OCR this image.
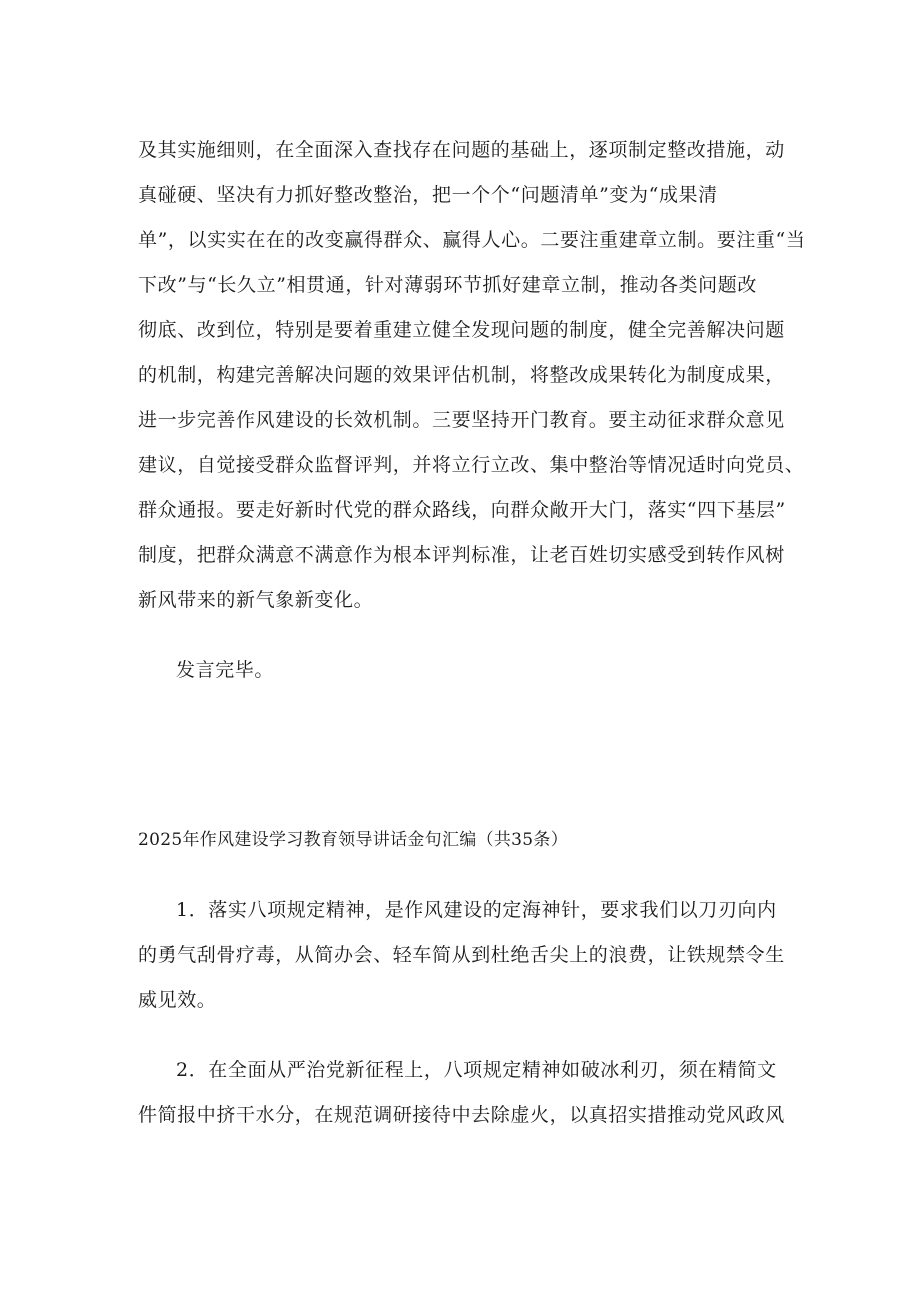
及其实施细则，在全面深入查找存在问题的基础上，逐项制定整改措施，动
真碰硬、坚决有力抓好整改整治，把一个个“问题清单”变为“成果清
单”，以实实在在的改变赢得群众、赢得人心。二要注重建章立制。要注重“当
下改”与“长久立”相贯通，针对薄弱环节抓好建章立制，推动各类问题改
彻底、改到位，特别是要着重建立健全发现问题的制度，健全完善解决问题
的机制，构建完善解决问题的效果评估机制，将整改成果转化为制度成果，
进一步完善作风建设的长效机制。三要坚持开门教育。要主动征求群众意见
建议，自觉接受群众监督评判，并将立行立改、集中整治等情况适时向党员、
群众通报。要走好新时代党的群众路线，向群众敞开大门，落实“四下基层”
制度，把群众满意不满意作为根本评判标准，让老百姓切实感受到转作风树
新风带来的新气象新变化。
发言完毕。
2025年作风建设学习教育领导讲话金句汇编（共35条）
1．落实八项规定精神，是作风建设的定海神针，要求我们以刀刃向内
的勇气刮骨疗毒，从简办会、轻车简从到杜绝舌尖上的浪费，让铁规禁令生
威见效。
2．在全面从严治党新征程上，八项规定精神如破冰利刃，须在精简文
件简报中挤干水分，在规范调研接待中去除虚火，以真招实措推动党风政风
